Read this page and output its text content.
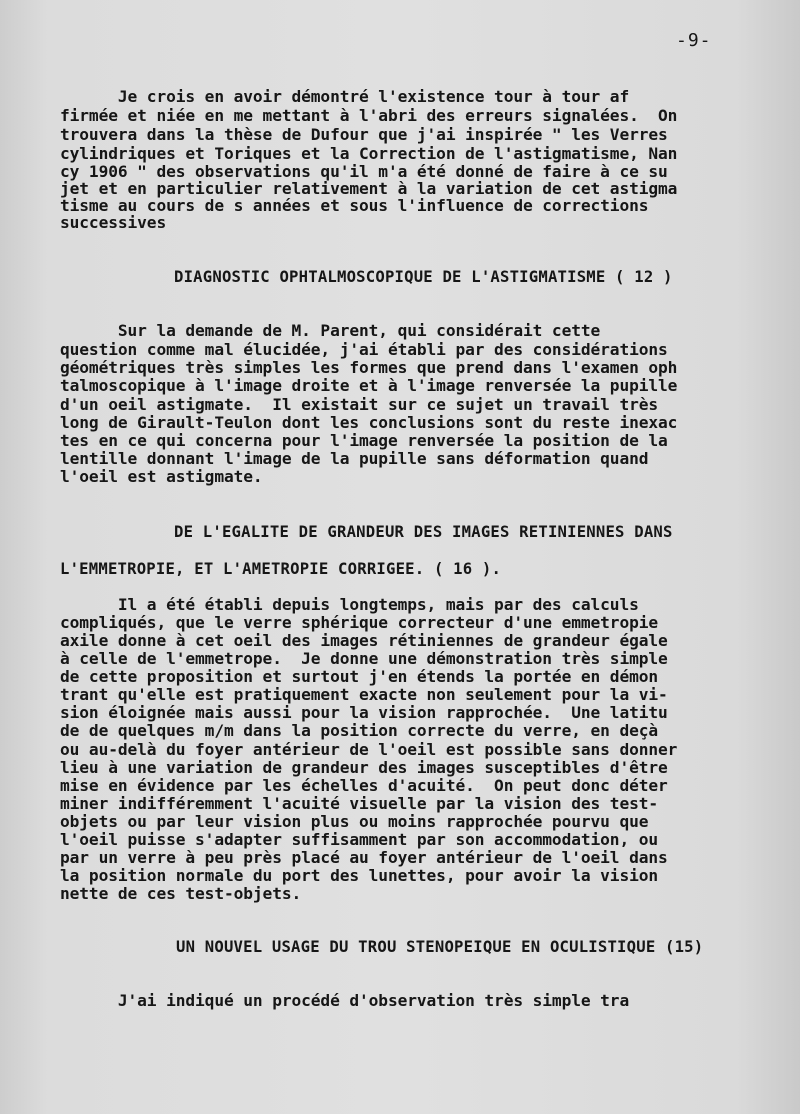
-9-
Je crois en avoir démontré l'existence tour à tour af
firmée et niée en me mettant à l'abri des erreurs signalées.  On
trouvera dans la thèse de Dufour que j'ai inspirée " les Verres
cylindriques et Toriques et la Correction de l'astigmatisme, Nan
cy 1906 " des observations qu'il m'a été donné de faire à ce su
jet et en particulier relativement à la variation de cet astigma
tisme au cours de s années et sous l'influence de corrections
successives
DIAGNOSTIC OPHTALMOSCOPIQUE DE L'ASTIGMATISME ( 12 )
Sur la demande de M. Parent, qui considérait cette
question comme mal élucidée, j'ai établi par des considérations
géométriques très simples les formes que prend dans l'examen oph
talmoscopique à l'image droite et à l'image renversée la pupille
d'un oeil astigmate.  Il existait sur ce sujet un travail très
long de Girault-Teulon dont les conclusions sont du reste inexac
tes en ce qui concerna pour l'image renversée la position de la
lentille donnant l'image de la pupille sans déformation quand
l'oeil est astigmate.
DE L'EGALITE DE GRANDEUR DES IMAGES RETINIENNES DANS
L'EMMETROPIE, ET L'AMETROPIE CORRIGEE. ( 16 ).
Il a été établi depuis longtemps, mais par des calculs
compliqués, que le verre sphérique correcteur d'une emmetropie
axile donne à cet oeil des images rétiniennes de grandeur égale
à celle de l'emmetrope.  Je donne une démonstration très simple
de cette proposition et surtout j'en étends la portée en démon
trant qu'elle est pratiquement exacte non seulement pour la vi-
sion éloignée mais aussi pour la vision rapprochée.  Une latitu
de de quelques m/m dans la position correcte du verre, en deçà
ou au-delà du foyer antérieur de l'oeil est possible sans donner
lieu à une variation de grandeur des images susceptibles d'être
mise en évidence par les échelles d'acuité.  On peut donc déter
miner indifféremment l'acuité visuelle par la vision des test-
objets ou par leur vision plus ou moins rapprochée pourvu que
l'oeil puisse s'adapter suffisamment par son accommodation, ou
par un verre à peu près placé au foyer antérieur de l'oeil dans
la position normale du port des lunettes, pour avoir la vision
nette de ces test-objets.
UN NOUVEL USAGE DU TROU STENOPEIQUE EN OCULISTIQUE (15)
J'ai indiqué un procédé d'observation très simple tra
